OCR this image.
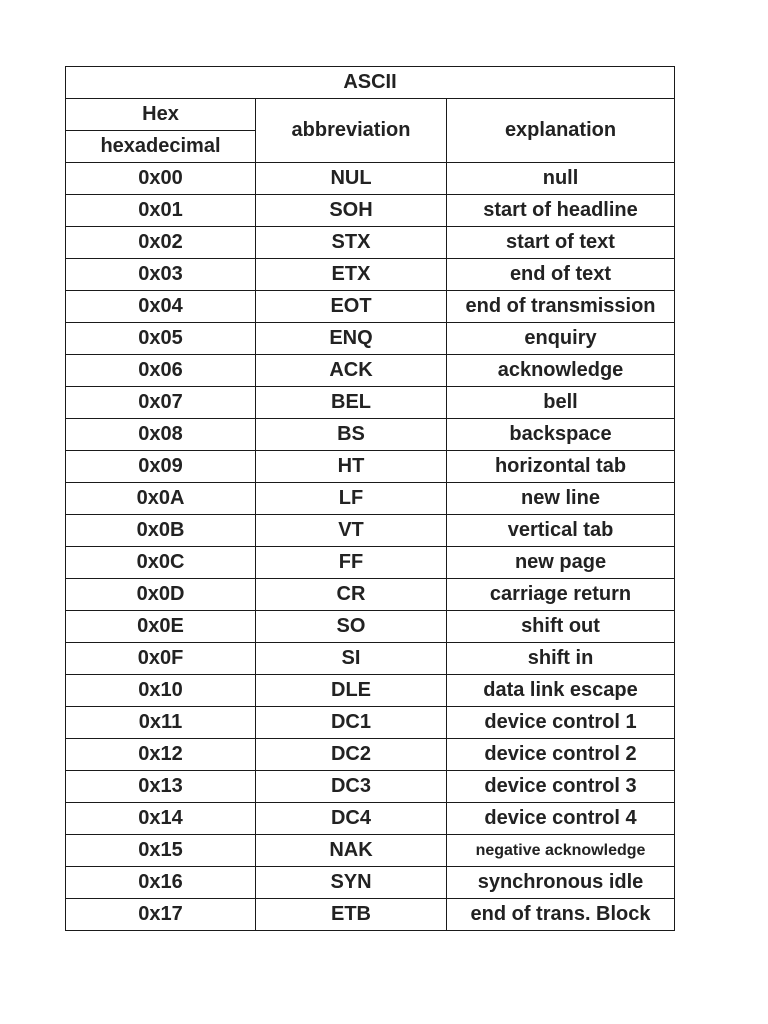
ASCII		
Hex	abbreviation	explanation
hexadecimal		
0x00	NUL	null
0x01	SOH	start of headline
0x02	STX	start of text
0x03	ETX	end of text
0x04	EOT	end of transmission
0x05	ENQ	enquiry
0x06	ACK	acknowledge
0x07	BEL	bell
0x08	BS	backspace
0x09	HT	horizontal tab
0x0A	LF	new line
0x0B	VT	vertical tab
0x0C	FF	new page
0x0D	CR	carriage return
0x0E	SO	shift out
0x0F	SI	shift in
0x10	DLE	data link escape
0x11	DC1	device control 1
0x12	DC2	device control 2
0x13	DC3	device control 3
0x14	DC4	device control 4
0x15	NAK	negative acknowledge
0x16	SYN	synchronous idle
0x17	ETB	end of trans. Block
